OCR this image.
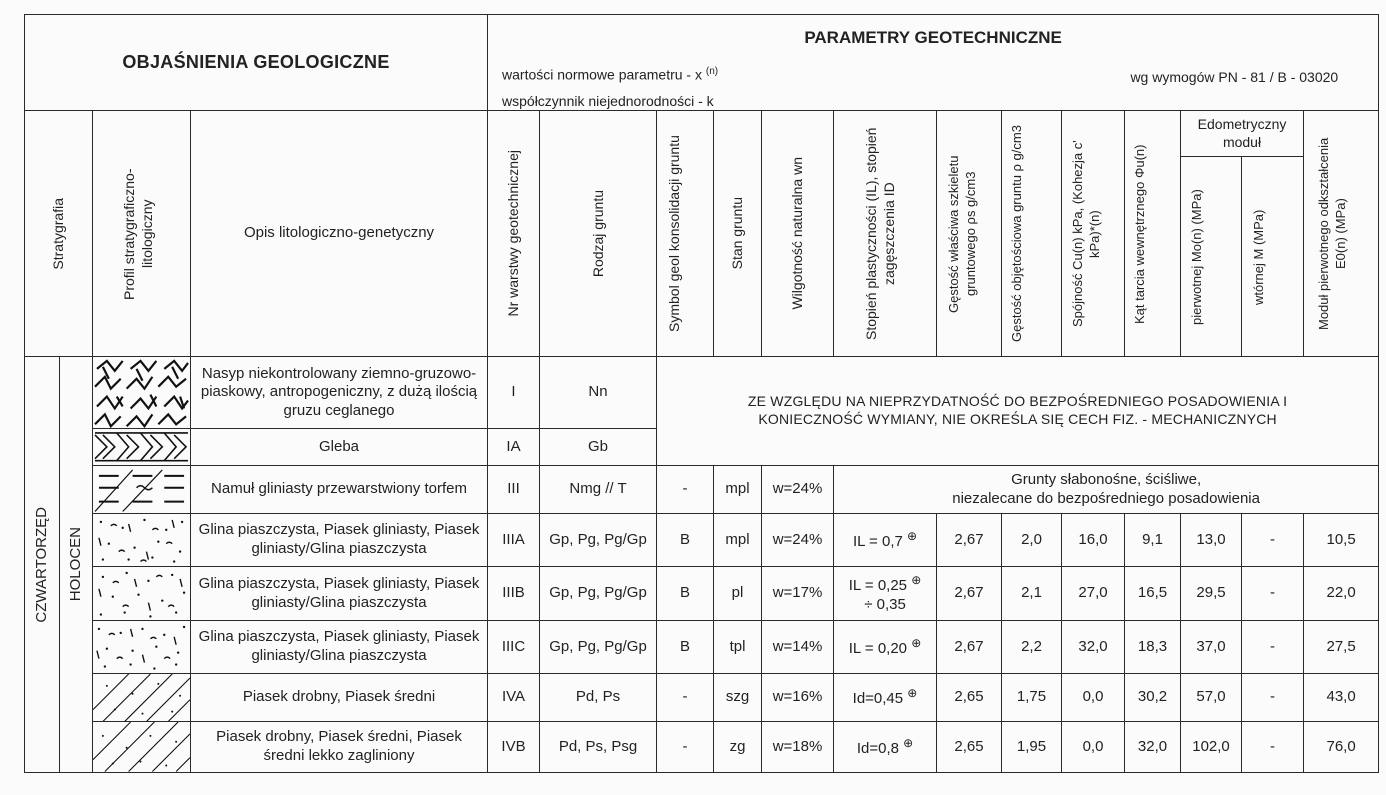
OBJAŚNIENIA GEOLOGICZNE				PARAMETRY GEOTECHNICZNE
wartości normowe parametru - x $^{(n)}$
współczynnik niejednorodności - k
wg wymogów PN - 81 / B - 03020												

Stratygrafia		Profil stratygraficzno-litologiczny	Opis litologiczno-genetyczny	Nr warstwy geotechnicznej	Rodzaj gruntu	Symbol geol konsolidacji gruntu	Stan gruntu	Wilgotność naturalna wn	Stopień plastyczności (IL), stopień zagęszczenia ID	Gęstość właściwa szkieletu gruntowego ρs g/cm3	Gęstość objętościowa gruntu ρ g/cm3	Spójność Cu(n) kPa, (Kohezja c' kPa)*(n)	Kąt tarcia wewnętrznego Φu(n)	Edometryczny moduł		Moduł pierwotnego odkształcenia E0(n) (MPa)

														pierwotnej Mo(n) (MPa)	wtórnej M (MPa)	

CZWARTORZĘD	HOLOCEN		Nasyp niekontrolowany ziemno-gruzowo-piaskowy, antropogeniczny, z dużą ilością gruzu ceglanego	I	Nn	ZE WZGLĘDU NA NIEPRZYDATNOŚĆ DO BEZPOŚREDNIEGO POSADOWIENIA I
KONIECZNOŚĆ WYMIANY, NIE OKREŚLA SIĘ CECH FIZ. - MECHANICZNYCH										

	Gleba	IA	Gb											

	Namuł gliniasty przewarstwiony torfem	III	Nmg // T	-	mpl	w=24%	Grunty słabonośne, ściśliwe,
niezalecane do bezpośredniego posadowienia							

	Glina piaszczysta, Piasek gliniasty, Piasek gliniasty/Glina piaszczysta	IIIA	Gp, Pg, Pg/Gp	B	mpl	w=24%	IL = 0,7 ⊕	2,67	2,0	16,0	9,1	13,0	-	10,5

	Glina piaszczysta, Piasek gliniasty, Piasek gliniasty/Glina piaszczysta	IIIB	Gp, Pg, Pg/Gp	B	pl	w=17%	IL = 0,25 ⊕
÷ 0,35	2,67	2,1	27,0	16,5	29,5	-	22,0

	Glina piaszczysta, Piasek gliniasty, Piasek gliniasty/Glina piaszczysta	IIIC	Gp, Pg, Pg/Gp	B	tpl	w=14%	IL = 0,20 ⊕	2,67	2,2	32,0	18,3	37,0	-	27,5

	Piasek drobny, Piasek średni	IVA	Pd, Ps	-	szg	w=16%	Id=0,45 ⊕	2,65	1,75	0,0	30,2	57,0	-	43,0

	Piasek drobny, Piasek średni, Piasek średni lekko zagliniony	IVB	Pd, Ps, Psg	-	zg	w=18%	Id=0,8 ⊕	2,65	1,95	0,0	32,0	102,0	-	76,0
